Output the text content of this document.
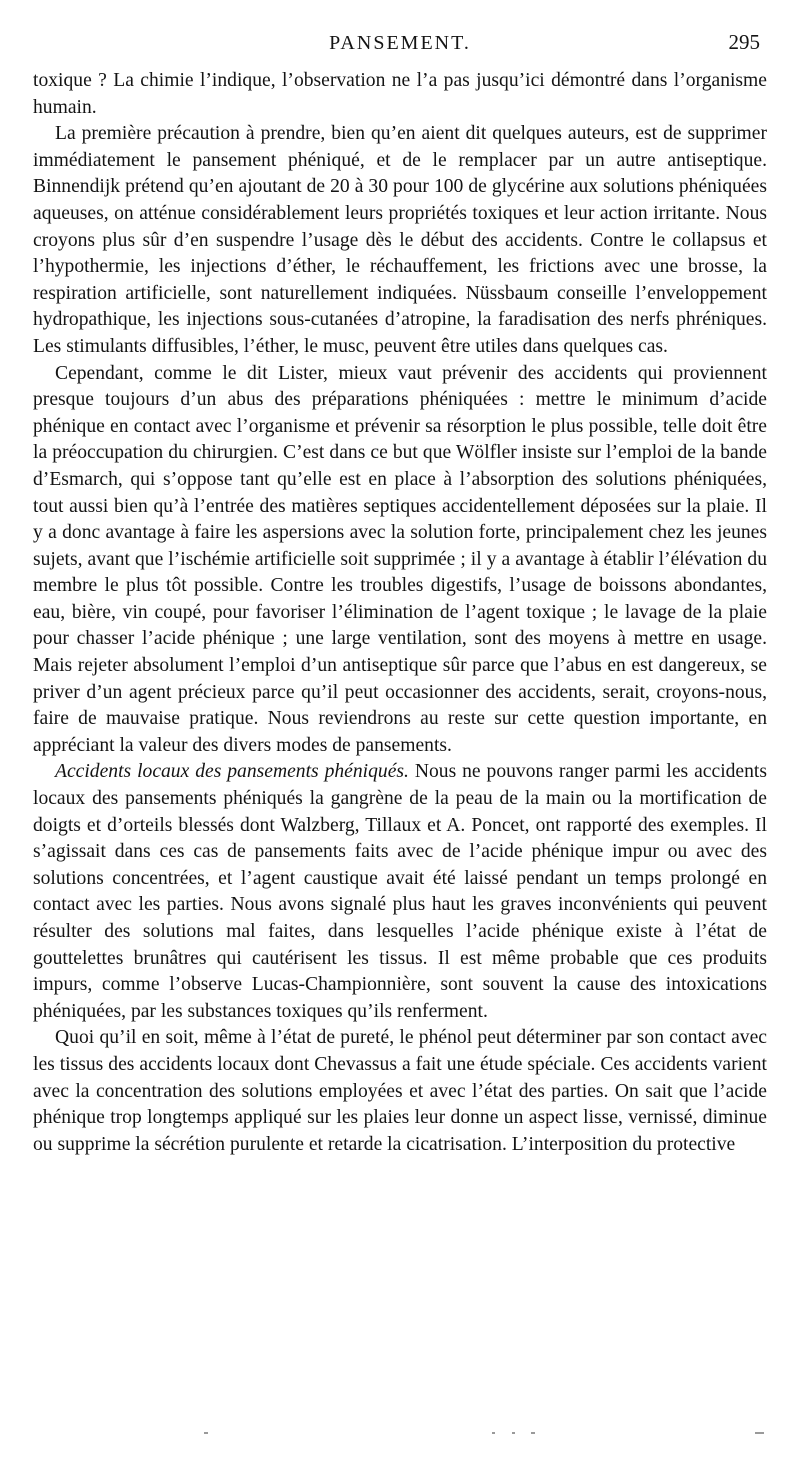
PANSEMENT.	295

toxique ? La chimie l’indique, l’observation ne l’a pas jusqu’ici démontré dans l’organisme humain.

La première précaution à prendre, bien qu’en aient dit quelques auteurs, est de supprimer immédiatement le pansement phéniqué, et de le remplacer par un autre antiseptique. Binnendijk prétend qu’en ajoutant de 20 à 30 pour 100 de glycérine aux solutions phéniquées aqueuses, on atténue considérablement leurs propriétés toxiques et leur action irritante. Nous croyons plus sûr d’en suspendre l’usage dès le début des accidents. Contre le collapsus et l’hypothermie, les injections d’éther, le réchauffement, les frictions avec une brosse, la respiration artificielle, sont naturellement indiquées. Nüssbaum conseille l’enveloppement hydropathique, les injections sous-cutanées d’atropine, la faradisation des nerfs phréniques. Les stimulants diffusibles, l’éther, le musc, peuvent être utiles dans quelques cas.

Cependant, comme le dit Lister, mieux vaut prévenir des accidents qui proviennent presque toujours d’un abus des préparations phéniquées : mettre le minimum d’acide phénique en contact avec l’organisme et prévenir sa résorption le plus possible, telle doit être la préoccupation du chirurgien. C’est dans ce but que Wölfler insiste sur l’emploi de la bande d’Esmarch, qui s’oppose tant qu’elle est en place à l’absorption des solutions phéniquées, tout aussi bien qu’à l’entrée des matières septiques accidentellement déposées sur la plaie. Il y a donc avantage à faire les aspersions avec la solution forte, principalement chez les jeunes sujets, avant que l’ischémie artificielle soit supprimée ; il y a avantage à établir l’élévation du membre le plus tôt possible. Contre les troubles digestifs, l’usage de boissons abondantes, eau, bière, vin coupé, pour favoriser l’élimination de l’agent toxique ; le lavage de la plaie pour chasser l’acide phénique ; une large ventilation, sont des moyens à mettre en usage. Mais rejeter absolument l’emploi d’un antiseptique sûr parce que l’abus en est dangereux, se priver d’un agent précieux parce qu’il peut occasionner des accidents, serait, croyons-nous, faire de mauvaise pratique. Nous reviendrons au reste sur cette question importante, en appréciant la valeur des divers modes de pansements.

Accidents locaux des pansements phéniqués. Nous ne pouvons ranger parmi les accidents locaux des pansements phéniqués la gangrène de la peau de la main ou la mortification de doigts et d’orteils blessés dont Walzberg, Tillaux et A. Poncet, ont rapporté des exemples. Il s’agissait dans ces cas de pansements faits avec de l’acide phénique impur ou avec des solutions concentrées, et l’agent caustique avait été laissé pendant un temps prolongé en contact avec les parties. Nous avons signalé plus haut les graves inconvénients qui peuvent résulter des solutions mal faites, dans lesquelles l’acide phénique existe à l’état de gouttelettes brunâtres qui cautérisent les tissus. Il est même probable que ces produits impurs, comme l’observe Lucas-Championnière, sont souvent la cause des intoxications phéniquées, par les substances toxiques qu’ils renferment.

Quoi qu’il en soit, même à l’état de pureté, le phénol peut déterminer par son contact avec les tissus des accidents locaux dont Chevassus a fait une étude spéciale. Ces accidents varient avec la concentration des solutions employées et avec l’état des parties. On sait que l’acide phénique trop longtemps appliqué sur les plaies leur donne un aspect lisse, vernissé, diminue ou supprime la sécrétion purulente et retarde la cicatrisation. L’interposition du protective
